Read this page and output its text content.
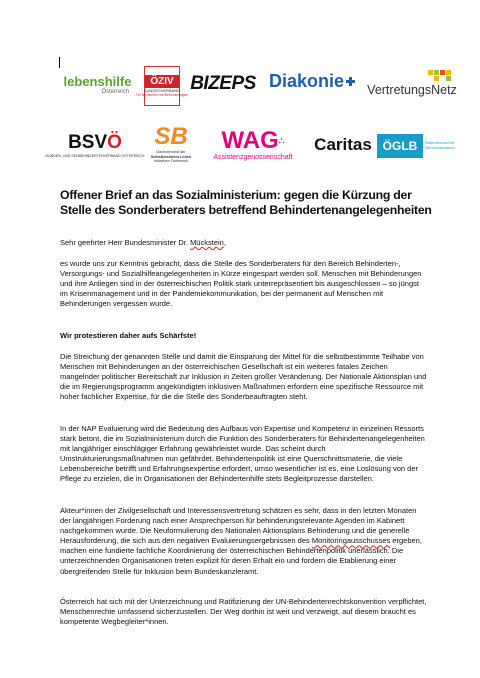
lebenshilfe
Österreich
ÖZIV
BUNDESVERBAND
Für Menschen mit Behinderungen
BIZEPS Diakonie VertretungsNetz
BSVÖ
BLINDEN- UND SEHBEHINDERTENVERBAND ÖSTERREICH
SB
Dachverband der
Selbstbestimmt Leben
Initiativen Österreich
WAG∴
Assistenzgenossenschaft
Caritas ÖGLB Österreichischer
Gehörlosenbund
Offener Brief an das Sozialministerium: gegen die Kürzung der Stelle des Sonderberaters betreffend Behindertenangelegenheiten

Sehr geehrter Herr Bundesminister Dr. Mückstein,

es wurde uns zur Kenntnis gebracht, dass die Stelle des Sonderberaters für den Bereich Behinderten-, Versorgungs- und Sozialhilfeangelegenheiten in Kürze eingespart werden soll. Menschen mit Behinderungen und ihre Anliegen sind in der österreichischen Politik stark unterrepräsentiert bis ausgeschlossen – so jüngst im Krisenmanagement und in der Pandemiekommunikation, bei der permanent auf Menschen mit Behinderungen vergessen wurde.

Wir protestieren daher aufs Schärfste!

Die Streichung der genannten Stelle und damit die Einsparung der Mittel für die selbstbestimmte Teilhabe von Menschen mit Behinderungen an der österreichischen Gesellschaft ist ein weiteres fatales Zeichen mangelnder politischer Bereitschaft zur Inklusion in Zeiten großer Veränderung. Der Nationale Aktionsplan und die im Regierungsprogramm angekündigten inklusiven Maßnahmen erfordern eine spezifische Ressource mit hoher fachlicher Expertise, für die die Stelle des Sonderbeauftragten steht.

In der NAP Evaluierung wird die Bedeutung des Aufbaus von Expertise und Kompetenz in einzelnen Ressorts stark betont, die im Sozialministerium durch die Funktion des Sonderberaters für Behindertenangelegenheiten mit langjähriger einschlägiger Erfahrung gewährleistet wurde. Das scheint durch Umstrukturierungsmaßnahmen nun gefährdet. Behindertenpolitik ist eine Querschnittsmaterie, die viele Lebensbereiche betrifft und Erfahrungsexpertise erfordert, umso wesentlicher ist es, eine Loslösung von der Pflege zu erzielen, die in Organisationen der Behindertenhilfe stets Begleitprozesse darstellen.

Akteur*innen der Zivilgesellschaft und Interessensvertretung schätzen es sehr, dass in den letzten Monaten der langjährigen Forderung nach einer Ansprechperson für behinderungsrelevante Agenden im Kabinett nachgekommen wurde. Die Neuformulierung des Nationalen Aktionsplans Behinderung und die generelle Herausforderung, die sich aus den negativen Evaluierungsergebnissen des Monitoringausschusses ergeben, machen eine fundierte fachliche Koordinierung der österreichischen Behindertenpolitik unerlässlich. Die unterzeichnenden Organisationen treten explizit für deren Erhalt ein und fordern die Etablierung einer übergreifenden Stelle für Inklusion beim Bundeskanzleramt.

Österreich hat sich mit der Unterzeichnung und Ratifizierung der UN-Behindertenrechtskonvention verpflichtet, Menschenrechte umfassend sicherzustellen. Der Weg dorthin ist weit und verzweigt, auf diesem braucht es kompetente Wegbegleiter*innen.
